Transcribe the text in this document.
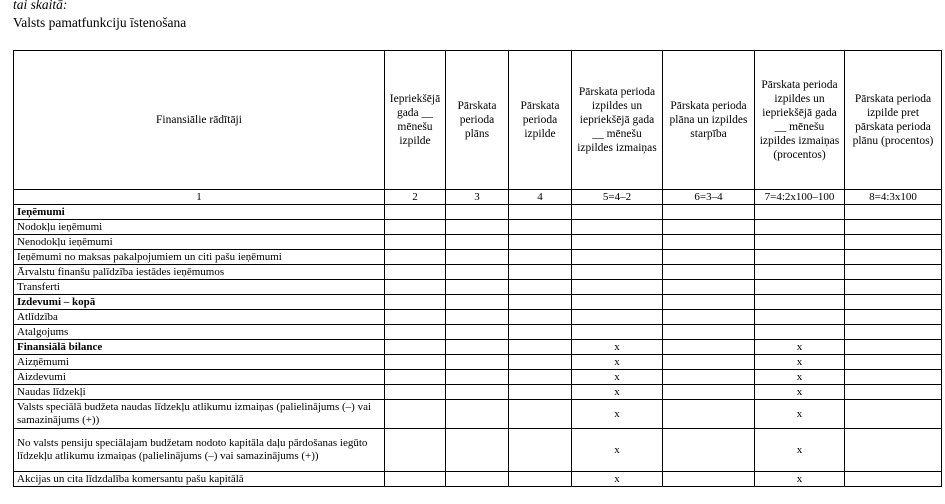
tai skaitā:
Valsts pamatfunkciju īstenošana
Finansiālie rādītāji	Iepriekšējā gada __ mēnešu izpilde	Pārskata perioda plāns	Pārskata perioda izpilde	Pārskata perioda izpildes un iepriekšējā gada __ mēnešu izpildes izmaiņas	Pārskata perioda plāna un izpildes starpība	Pārskata perioda izpildes un iepriekšējā gada __ mēnešu izpildes izmaiņas (procentos)	Pārskata perioda izpilde pret pārskata perioda plānu (procentos)
1	2	3	4	5=4–2	6=3–4	7=4:2x100–100	8=4:3x100
Ieņēmumi							
Nodokļu ieņēmumi							
Nenodokļu ieņēmumi							
Ieņēmumi no maksas pakalpojumiem un citi pašu ieņēmumi							
Ārvalstu finanšu palīdzība iestādes ieņēmumos							
Transferti							
Izdevumi – kopā							
Atlīdzība							
Atalgojums							
Finansiālā bilance				x		x	
Aizņēmumi				x		x	
Aizdevumi				x		x	
Naudas līdzekļi				x		x	
Valsts speciālā budžeta naudas līdzekļu atlikumu izmaiņas (palielinājums (–) vai samazinājums (+))				x		x	
No valsts pensiju speciālajam budžetam nodoto kapitāla daļu pārdošanas iegūto līdzekļu atlikumu izmaiņas (palielinājums (–) vai samazinājums (+))				x		x	
Akcijas un cita līdzdalība komersantu pašu kapitālā				x		x	
